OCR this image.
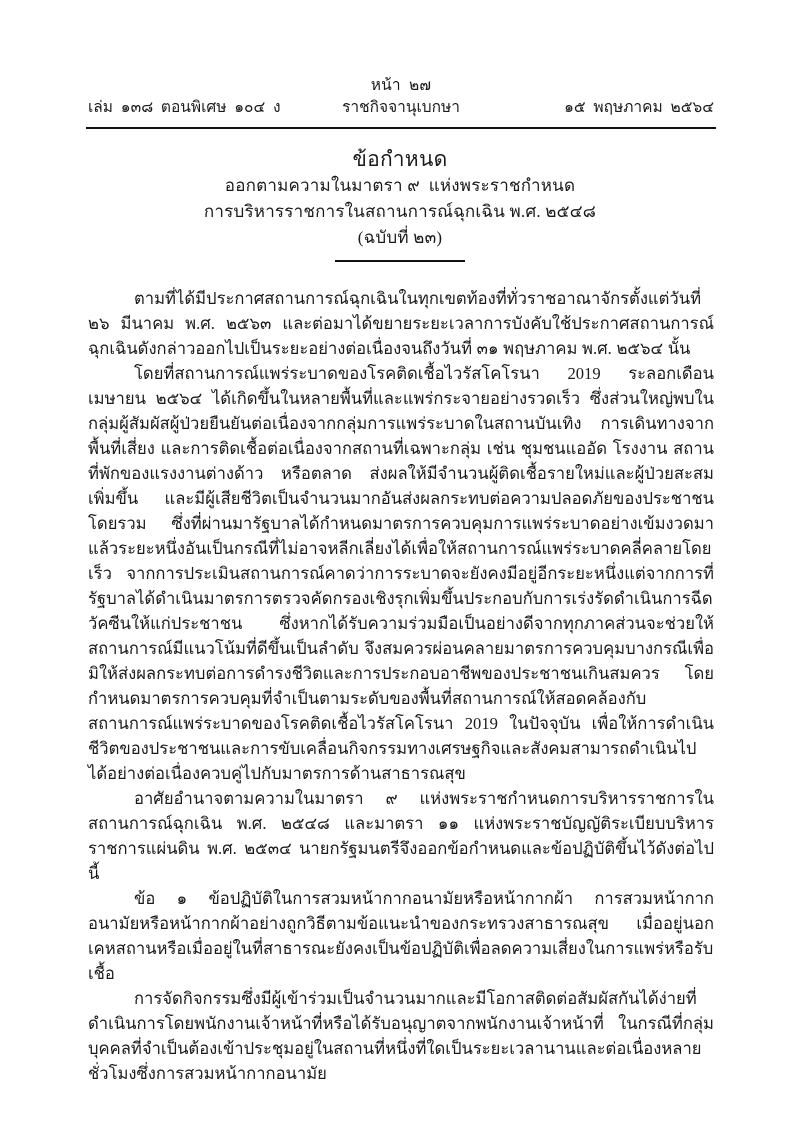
หน้า  ๒๗
เล่ม  ๑๓๘  ตอนพิเศษ  ๑๐๔  ง	ราชกิจจานุเบกษา	๑๕  พฤษภาคม  ๒๕๖๔
ข้อกำหนด
ออกตามความในมาตรา ๙  แห่งพระราชกำหนด
การบริหารราชการในสถานการณ์ฉุกเฉิน พ.ศ. ๒๕๔๘
(ฉบับที่ ๒๓)

ตามที่ได้มีประกาศสถานการณ์ฉุกเฉินในทุกเขตท้องที่ทั่วราชอาณาจักรตั้งแต่วันที่ ๒๖ มีนาคม พ.ศ. ๒๕๖๓ และต่อมาได้ขยายระยะเวลาการบังคับใช้ประกาศสถานการณ์ฉุกเฉินดังกล่าวออกไปเป็นระยะอย่างต่อเนื่องจนถึงวันที่ ๓๑ พฤษภาคม พ.ศ. ๒๕๖๔ นั้น

โดยที่สถานการณ์แพร่ระบาดของโรคติดเชื้อไวรัสโคโรนา 2019 ระลอกเดือนเมษายน ๒๕๖๔ ได้เกิดขึ้นในหลายพื้นที่และแพร่กระจายอย่างรวดเร็ว ซึ่งส่วนใหญ่พบในกลุ่มผู้สัมผัสผู้ป่วยยืนยันต่อเนื่องจากกลุ่มการแพร่ระบาดในสถานบันเทิง การเดินทางจากพื้นที่เสี่ยง และการติดเชื้อต่อเนื่องจากสถานที่เฉพาะกลุ่ม เช่น ชุมชนแออัด โรงงาน สถานที่พักของแรงงานต่างด้าว หรือตลาด ส่งผลให้มีจำนวนผู้ติดเชื้อรายใหม่และผู้ป่วยสะสมเพิ่มขึ้น และมีผู้เสียชีวิตเป็นจำนวนมากอันส่งผลกระทบต่อความปลอดภัยของประชาชนโดยรวม ซึ่งที่ผ่านมารัฐบาลได้กำหนดมาตรการควบคุมการแพร่ระบาดอย่างเข้มงวดมาแล้วระยะหนึ่งอันเป็นกรณีที่ไม่อาจหลีกเลี่ยงได้เพื่อให้สถานการณ์แพร่ระบาดคลี่คลายโดยเร็ว จากการประเมินสถานการณ์คาดว่าการระบาดจะยังคงมีอยู่อีกระยะหนึ่งแต่จากการที่รัฐบาลได้ดำเนินมาตรการตรวจคัดกรองเชิงรุกเพิ่มขึ้นประกอบกับการเร่งรัดดำเนินการฉีดวัคซีนให้แก่ประชาชน ซึ่งหากได้รับความร่วมมือเป็นอย่างดีจากทุกภาคส่วนจะช่วยให้สถานการณ์มีแนวโน้มที่ดีขึ้นเป็นลำดับ จึงสมควรผ่อนคลายมาตรการควบคุมบางกรณีเพื่อมิให้ส่งผลกระทบต่อการดำรงชีวิตและการประกอบอาชีพของประชาชนเกินสมควร โดยกำหนดมาตรการควบคุมที่จำเป็นตามระดับของพื้นที่สถานการณ์ให้สอดคล้องกับสถานการณ์แพร่ระบาดของโรคติดเชื้อไวรัสโคโรนา 2019 ในปัจจุบัน เพื่อให้การดำเนินชีวิตของประชาชนและการขับเคลื่อนกิจกรรมทางเศรษฐกิจและสังคมสามารถดำเนินไปได้อย่างต่อเนื่องควบคู่ไปกับมาตรการด้านสาธารณสุข

อาศัยอำนาจตามความในมาตรา ๙ แห่งพระราชกำหนดการบริหารราชการในสถานการณ์ฉุกเฉิน พ.ศ. ๒๕๔๘ และมาตรา ๑๑ แห่งพระราชบัญญัติระเบียบบริหารราชการแผ่นดิน พ.ศ. ๒๕๓๔ นายกรัฐมนตรีจึงออกข้อกำหนดและข้อปฏิบัติขึ้นไว้ดังต่อไปนี้

ข้อ ๑ ข้อปฏิบัติในการสวมหน้ากากอนามัยหรือหน้ากากผ้า การสวมหน้ากากอนามัยหรือหน้ากากผ้าอย่างถูกวิธีตามข้อแนะนำของกระทรวงสาธารณสุข เมื่ออยู่นอกเคหสถานหรือเมื่ออยู่ในที่สาธารณะยังคงเป็นข้อปฏิบัติเพื่อลดความเสี่ยงในการแพร่หรือรับเชื้อ

การจัดกิจกรรมซึ่งมีผู้เข้าร่วมเป็นจำนวนมากและมีโอกาสติดต่อสัมผัสกันได้ง่ายที่ดำเนินการโดยพนักงานเจ้าหน้าที่หรือได้รับอนุญาตจากพนักงานเจ้าหน้าที่ ในกรณีที่กลุ่มบุคคลที่จำเป็นต้องเข้าประชุมอยู่ในสถานที่หนึ่งที่ใดเป็นระยะเวลานานและต่อเนื่องหลายชั่วโมงซึ่งการสวมหน้ากากอนามัย
